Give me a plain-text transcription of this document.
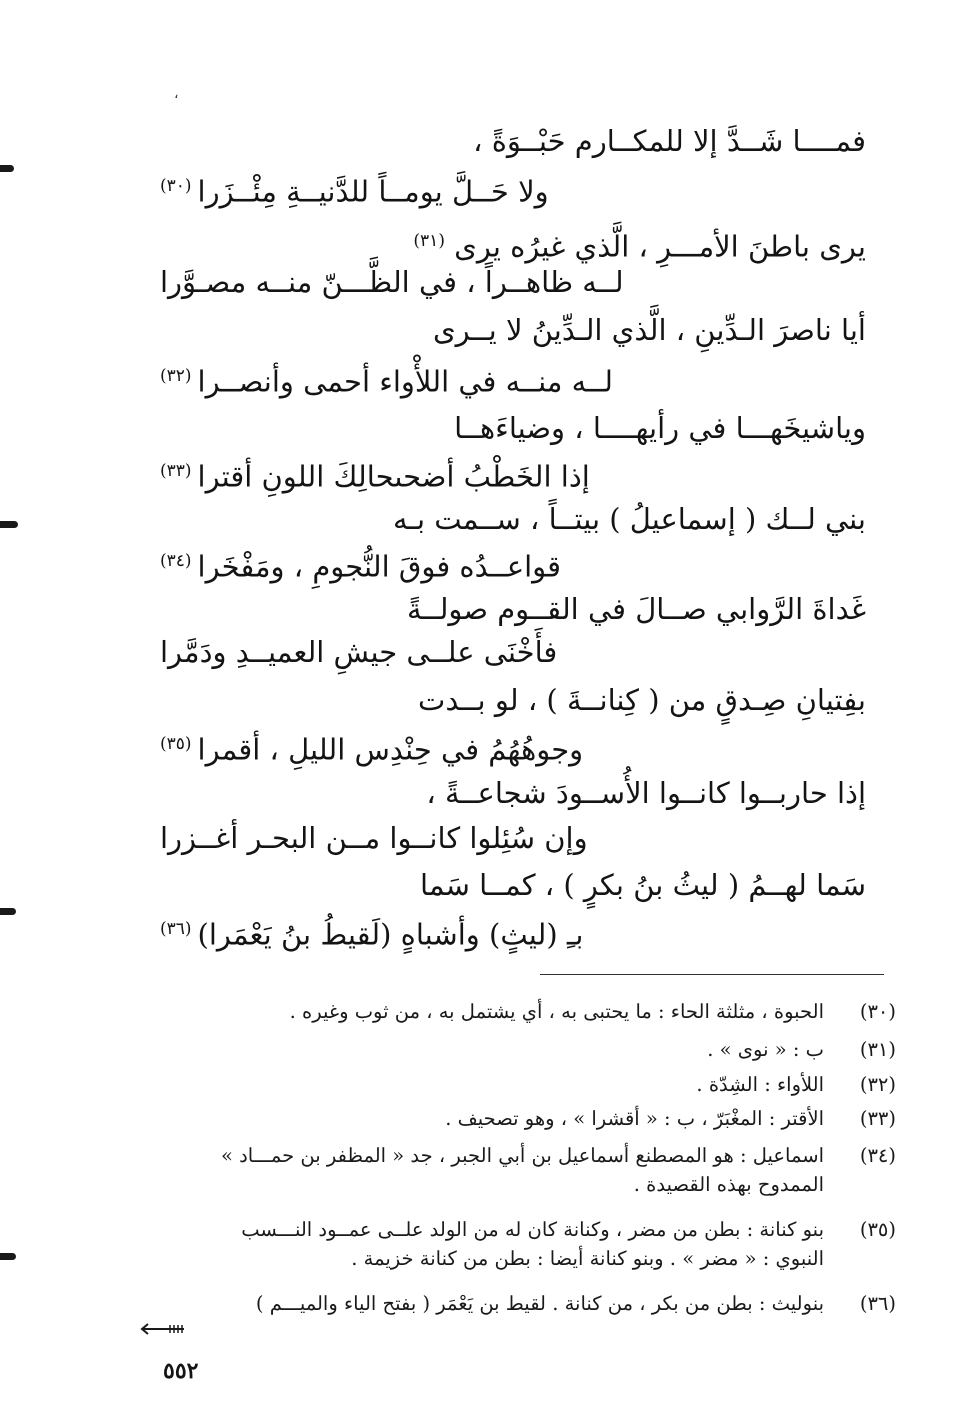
،
فمــــا شَــدَّ إلا للمكــارم حَبْــوَةً ،
ولا حَــلَّ يومــاً للدَّنيــةِ مِئْــزَرا$^{(٣٠)}$
يرى باطنَ الأمـــرِ ، الَّذي غيرُه يرى $^{(٣١)}$
لــه ظاهــراً ، في الظَّـــنّ منــه مصـوَّرا
أيا ناصرَ الـدِّينِ ، الَّذي الـدِّينُ لا يــرى
لــه منــه في اللأْواء أحمى وأنصــرا$^{(٣٢)}$
وياشيخَهـــا في رأيهــــا ، وضياءَهــا
إذا الخَطْبُ أضحىحالِكَ اللونِ أقترا$^{(٣٣)}$
بني لــك ( إسماعيلُ ) بيتــاً ، ســمت بـه
قواعــدُه فوقَ النُّجومِ ، ومَفْخَرا$^{(٣٤)}$
غَداةَ الرَّوابي صــالَ في القــوم صولــةً
فأَخْنَى علــى جيشِ العميــدِ ودَمَّرا
بفِتيانِ صِـدقٍ من ( كِنانــةَ ) ، لو بــدت
وجوهُهُمُ في حِنْدِس الليلِ ، أقمرا$^{(٣٥)}$
إذا حاربــوا كانــوا الأُســودَ شجاعــةً ،
وإن سُئِلوا كانــوا مــن البحـر أغــزرا
سَما لهــمُ ( ليثُ بنُ بكرٍ ) ، كمــا سَما
بـِ (ليثٍ) وأشباهٍ (لَقيطُ بنُ يَعْمَرا)$^{(٣٦)}$
(٣٠)
الحبوة ، مثلثة الحاء : ما يحتبى به ، أي يشتمل به ، من ثوب وغيره .
(٣١)
ب : « نوى » .
(٣٢)
اللأواء : الشِدّة .
(٣٣)
الأقتر : المغْبَرّ ، ب : « أقشرا » ، وهو تصحيف .
(٣٤)
اسماعيل : هو المصطنع أسماعيل بن أبي الجبر ، جد « المظفر بن حمـــاد »
الممدوح بهذه القصيدة .
(٣٥)
بنو كنانة : بطن من مضر ، وكنانة كان له من الولد علــى عمــود النـــسب
النبوي : « مضر » . وبنو كنانة أيضا : بطن من كنانة خزيمة .
(٣٦)
بنوليث : بطن من بكر ، من كنانة . لقيط بن يَعْمَر ( بفتح الياء والميـــم )
٥٥٢
